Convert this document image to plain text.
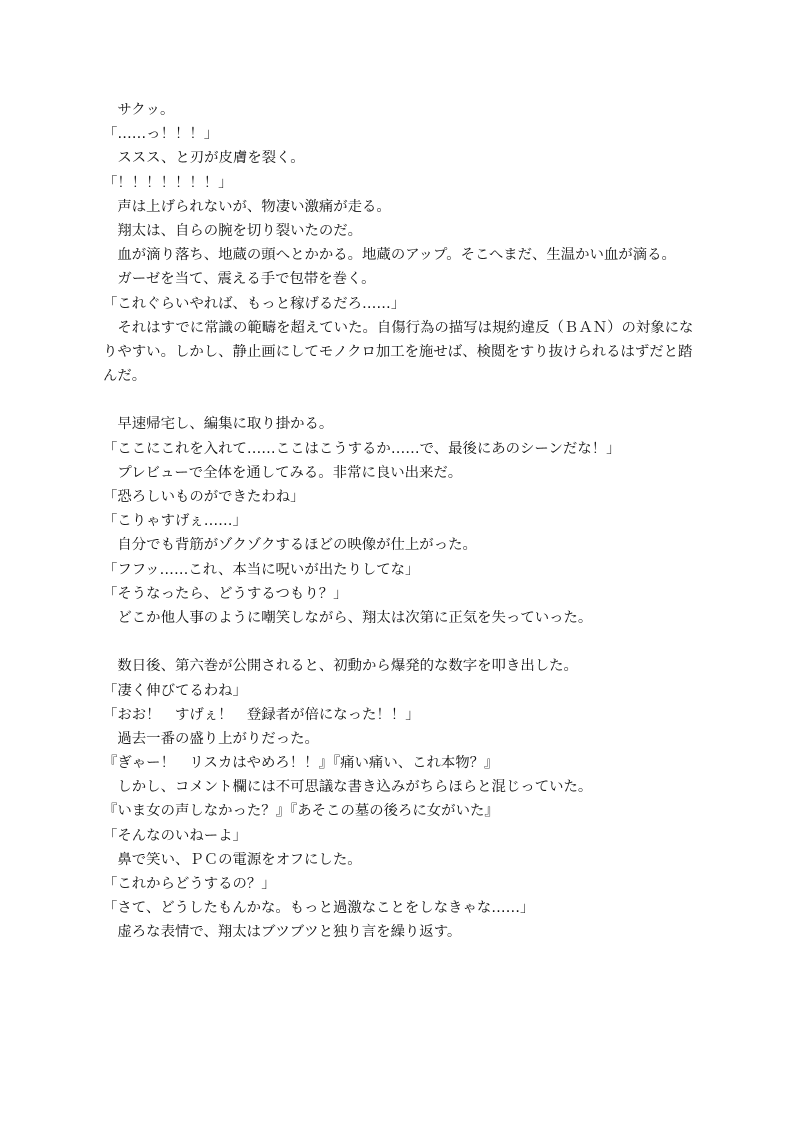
　サクッ。
「……っ！！！」
　ススス、と刃が皮膚を裂く。
「！！！！！！！」
　声は上げられないが、物凄い激痛が走る。
　翔太は、自らの腕を切り裂いたのだ。
　血が滴り落ち、地蔵の頭へとかかる。地蔵のアップ。そこへまだ、生温かい血が滴る。
　ガーゼを当て、震える手で包帯を巻く。
「これぐらいやれば、もっと稼げるだろ……」
　それはすでに常識の範疇を超えていた。自傷行為の描写は規約違反（ＢＡＮ）の対象にな
りやすい。しかし、静止画にしてモノクロ加工を施せば、検閲をすり抜けられるはずだと踏
んだ。
　早速帰宅し、編集に取り掛かる。
「ここにこれを入れて……ここはこうするか……で、最後にあのシーンだな！」
　プレビューで全体を通してみる。非常に良い出来だ。
「恐ろしいものができたわね」
「こりゃすげぇ……」
　自分でも背筋がゾクゾクするほどの映像が仕上がった。
「フフッ……これ、本当に呪いが出たりしてな」
「そうなったら、どうするつもり？」
　どこか他人事のように嘲笑しながら、翔太は次第に正気を失っていった。
　数日後、第六巻が公開されると、初動から爆発的な数字を叩き出した。
「凄く伸びてるわね」
「おお！　すげぇ！　登録者が倍になった！！」
　過去一番の盛り上がりだった。
『ぎゃー！　リスカはやめろ！！』『痛い痛い、これ本物？』
　しかし、コメント欄には不可思議な書き込みがちらほらと混じっていた。
『いま女の声しなかった？』『あそこの墓の後ろに女がいた』
「そんなのいねーよ」
　鼻で笑い、ＰＣの電源をオフにした。
「これからどうするの？」
「さて、どうしたもんかな。もっと過激なことをしなきゃな……」
　虚ろな表情で、翔太はブツブツと独り言を繰り返す。
